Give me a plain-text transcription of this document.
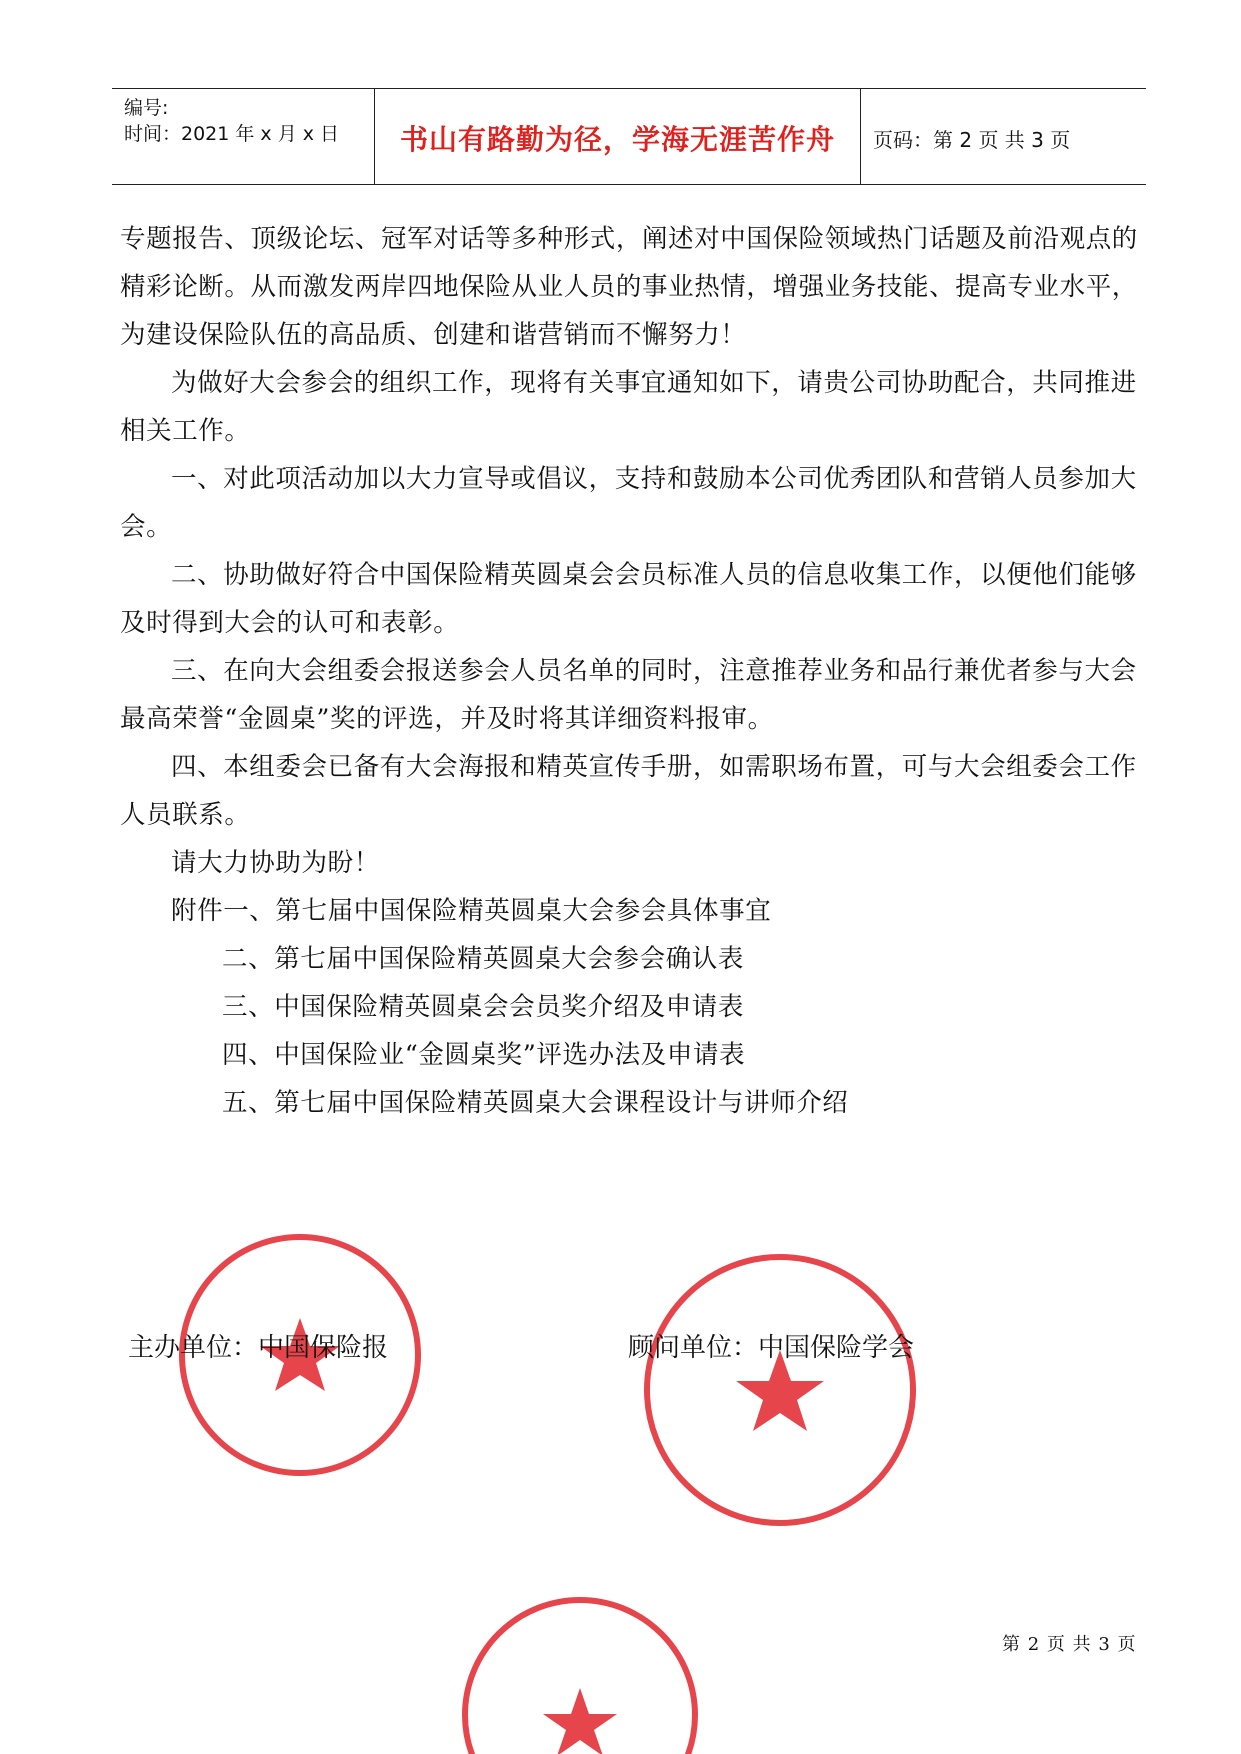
编号:
时间：2021 年 x 月 x 日	书山有路勤为径，学海无涯苦作舟	页码：第 2 页 共 3 页

专题报告、顶级论坛、冠军对话等多种形式，阐述对中国保险领域热门话题及前沿观点的精彩论断。从而激发两岸四地保险从业人员的事业热情，增强业务技能、提高专业水平，为建设保险队伍的高品质、创建和谐营销而不懈努力！

为做好大会参会的组织工作，现将有关事宜通知如下，请贵公司协助配合，共同推进相关工作。

一、对此项活动加以大力宣导或倡议，支持和鼓励本公司优秀团队和营销人员参加大会。

二、协助做好符合中国保险精英圆桌会会员标准人员的信息收集工作，以便他们能够及时得到大会的认可和表彰。

三、在向大会组委会报送参会人员名单的同时，注意推荐业务和品行兼优者参与大会最高荣誉“金圆桌”奖的评选，并及时将其详细资料报审。

四、本组委会已备有大会海报和精英宣传手册，如需职场布置，可与大会组委会工作人员联系。

请大力协助为盼！

附件一、第七届中国保险精英圆桌大会参会具体事宜

二、第七届中国保险精英圆桌大会参会确认表

三、中国保险精英圆桌会会员奖介绍及申请表

四、中国保险业“金圆桌奖”评选办法及申请表

五、第七届中国保险精英圆桌大会课程设计与讲师介绍

主办单位：中国保险报	顾问单位：中国保险学会
第 2 页 共 3 页
